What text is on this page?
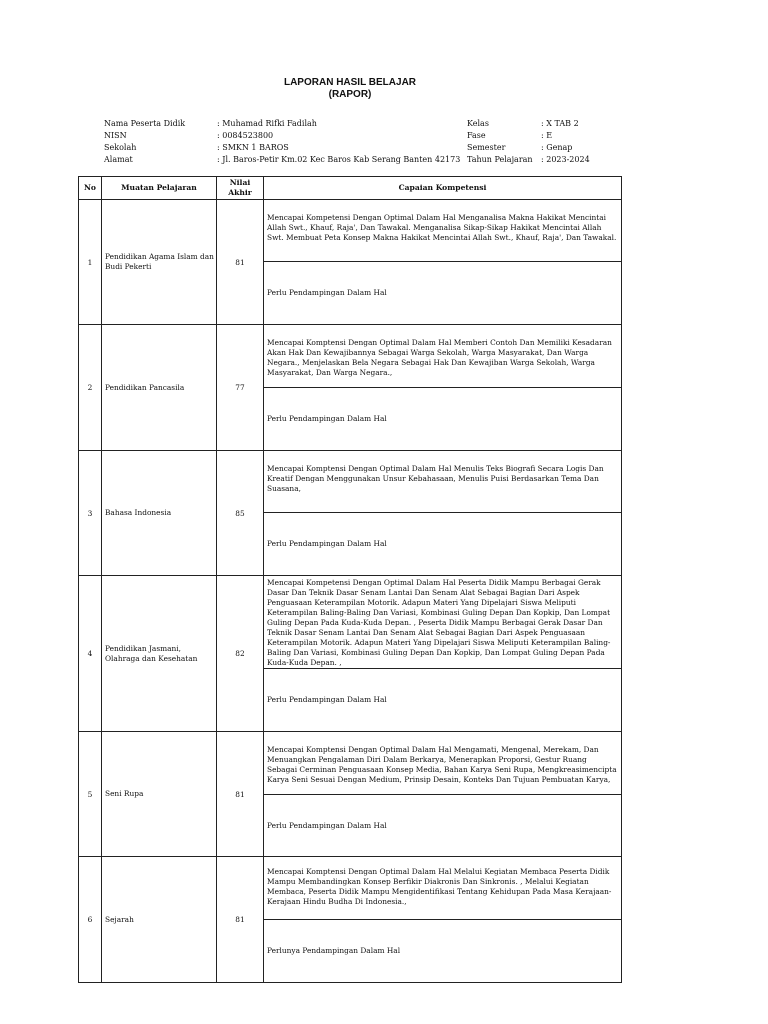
LAPORAN HASIL BELAJAR
(RAPOR)
Nama Peserta Didik	: Muhamad Rifki Fadilah
NISN	: 0084523800
Sekolah	: SMKN 1 BAROS
Alamat	: Jl. Baros-Petir Km.02 Kec Baros Kab Serang Banten 42173
Kelas	: X TAB 2
Fase	: E
Semester	: Genap
Tahun Pelajaran : 2023-2024
No	Muatan Pelajaran	Nilai Akhir	Capaian Kompetensi
1	Pendidikan Agama Islam dan Budi Pekerti	81	Mencapai Kompetensi Dengan Optimal Dalam Hal Menganalisa Makna Hakikat Mencintai Allah Swt., Khauf, Raja', Dan Tawakal. Menganalisa Sikap-Sikap Hakikat Mencintai Allah Swt. Membuat Peta Konsep Makna Hakikat Mencintai Allah Swt., Khauf, Raja', Dan Tawakal.
			Perlu Pendampingan Dalam Hal
2	Pendidikan Pancasila	77	Mencapai Komptensi Dengan Optimal Dalam Hal Memberi Contoh Dan Memiliki Kesadaran Akan Hak Dan Kewajibannya Sebagai Warga Sekolah, Warga Masyarakat, Dan Warga Negara., Menjelaskan Bela Negara Sebagai Hak Dan Kewajiban Warga Sekolah, Warga Masyarakat, Dan Warga Negara.,
			Perlu Pendampingan Dalam Hal
3	Bahasa Indonesia	85	Mencapai Komptensi Dengan Optimal Dalam Hal Menulis Teks Biografi Secara Logis Dan Kreatif Dengan Menggunakan Unsur Kebahasaan, Menulis Puisi Berdasarkan Tema Dan Suasana,
			Perlu Pendampingan Dalam Hal
4	Pendidikan Jasmani, Olahraga dan Kesehatan	82	Mencapai Kompetensi Dengan Optimal Dalam Hal Peserta Didik Mampu Berbagai Gerak Dasar Dan Teknik Dasar Senam Lantai Dan Senam Alat Sebagai Bagian Dari Aspek Penguasaan Keterampilan Motorik. Adapun Materi Yang Dipelajari Siswa Meliputi Keterampilan Baling-Baling Dan Variasi, Kombinasi Guling Depan Dan Kopkip, Dan Lompat Guling Depan Pada Kuda-Kuda Depan. , Peserta Didik Mampu Berbagai Gerak Dasar Dan Teknik Dasar Senam Lantai Dan Senam Alat Sebagai Bagian Dari Aspek Penguasaan Keterampilan Motorik. Adapun Materi Yang Dipelajari Siswa Meliputi Keterampilan Baling-Baling Dan Variasi, Kombinasi Guling Depan Dan Kopkip, Dan Lompat Guling Depan Pada Kuda-Kuda Depan. ,
			Perlu Pendampingan Dalam Hal
5	Seni Rupa	81	Mencapai Komptensi Dengan Optimal Dalam Hal Mengamati, Mengenal, Merekam, Dan Menuangkan Pengalaman Diri Dalam Berkarya, Menerapkan Proporsi, Gestur Ruang Sebagai Cerminan Penguasaan Konsep Media, Bahan Karya Seni Rupa, Mengkreasimencipta Karya Seni Sesuai Dengan Medium, Prinsip Desain, Konteks Dan Tujuan Pembuatan Karya,
			Perlu Pendampingan Dalam Hal
6	Sejarah	81	Mencapai Komptensi Dengan Optimal Dalam Hal Melalui Kegiatan Membaca Peserta Didik Mampu Membandingkan Konsep Berfikir Diakronis Dan Sinkronis. , Melalui Kegiatan Membaca, Peserta Didik Mampu Mengidentifikasi Tentang Kehidupan Pada Masa Kerajaan-Kerajaan Hindu Budha Di Indonesia.,
			Perlunya Pendampingan Dalam Hal
